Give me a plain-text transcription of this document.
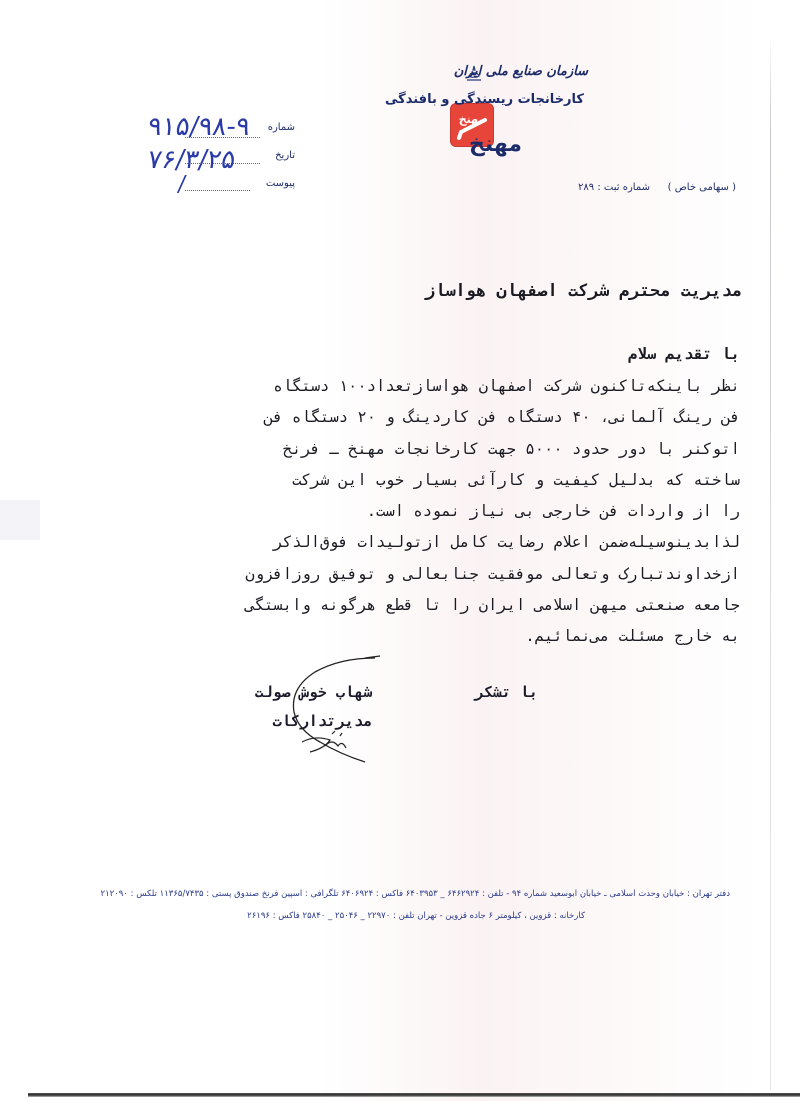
مهنخ
سازمان صنایع ملی ایران
کارخانجات ریسندگی و بافندگی
مهنخ
( سهامی خاص )
شماره ثبت : ۲۸۹
شماره
تاریخ
پیوست
۹۱۵/۹۸-۹
۷۶/۳/۲۵
/
مدیریت محترم شرکت اصفهان هواساز
با تقدیم سلام
نظر باینکه‌تاکنون شرکت اصفهان هواسازتعداد۱۰۰ دستگاه
فن رینگ آلمانی، ۴۰ دستگاه فن کاردینگ و ۲۰ دستگاه فن
اتوکنر با دور حدود ۵۰۰۰ جهت کارخانجات مهنخ ـ فرنخ
ساخته که بدلیل کیفیت و کارآئی بسیار خوب این شرکت
را از واردات فن خارجی بی نیاز نموده است.
لذابدینوسیله‌ضمن اعلام رضایت کامل ازتولیدات فوق‌الذکر
ازخداوندتبارک وتعالی موفقیت جنابعالی و توفیق روزافزون
جامعه صنعتی میهن اسلامی ایران را تا قطع هرگونه وابستگی
به خارج مسئلت می‌نمائیم.
با تشکر
شهاب خوش صولت
مدیرتدارکات
دفتر تهران : خیابان وحدت اسلامی ـ خیابان ابوسعید شماره ۹۴ - تلفن : ۶۴۶۲۹۲۴ _ ۶۴۰۳۹۵۳ فاکس : ۶۴۰۶۹۲۴ تلگرافی : اسپین فرنخ صندوق پستی : ۱۱۳۶۵/۷۴۳۵ تلکس : ۲۱۲۰۹۰
کارخانه : قزوین ، کیلومتر ۶ جاده قزوین - تهران تلفن : ۲۲۹۷۰ _ ۲۵۰۴۶ _ ۲۵۸۴۰ فاکس : ۲۶۱۹۶
